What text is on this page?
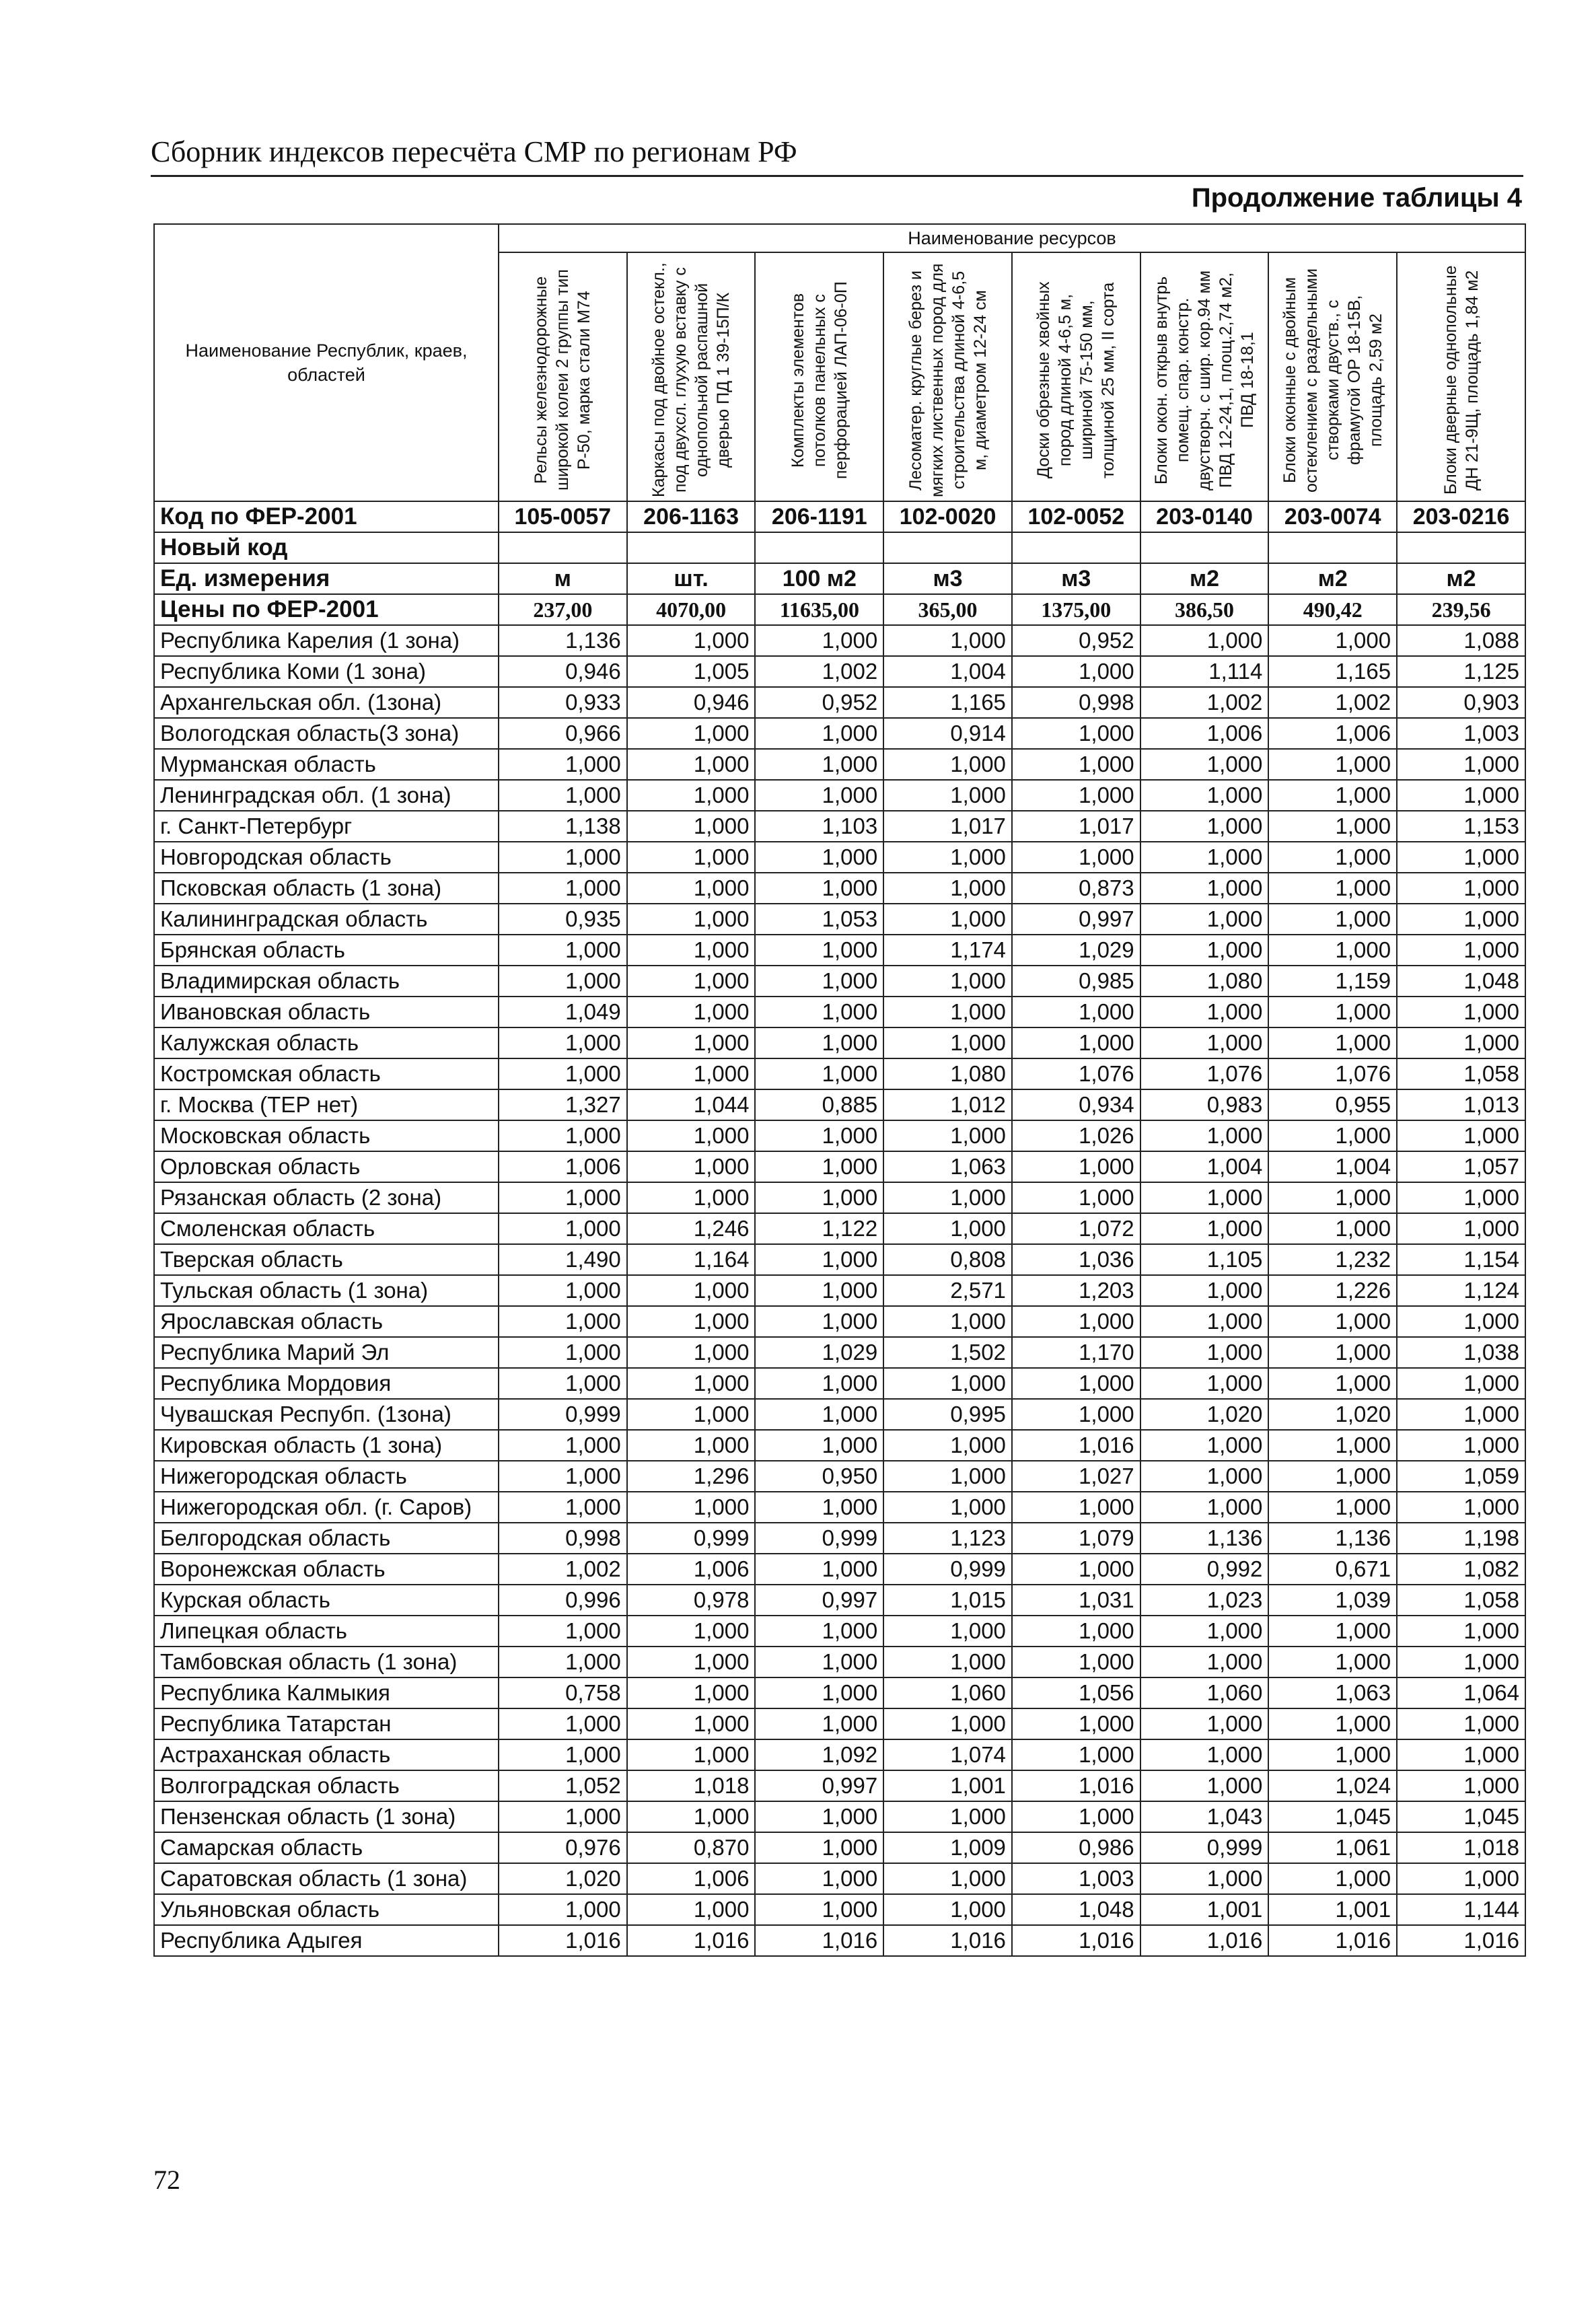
Сборник индексов пересчёта СМР по регионам РФ
Продолжение таблицы 4
Наименование Республик, краев, областей	Наименование ресурсов							

	Рельсы железнодорожные широкой колеи 2 группы тип Р-50, марка стали М74	Каркасы под двойное остекл., под двухсл. глухую вставку с однопольной распашной дверью ПД 1 39-15П/К	Комплекты элементов потолков панельных с перфорацией ЛАП-06-0П	Лесоматер. круглые берез и мягких лиственных пород для строительства длиной 4-6,5 м, диаметром 12-24 см	Доски обрезные хвойных пород длиной 4-6,5 м, шириной 75-150 мм, толщиной 25 мм, II сорта	Блоки окон. открыв внутрь помещ. спар. констр. двустворч. с шир. кор.94 мм ПВД 12-24,1, площ.2,74 м2, ПВД 18-18,1	Блоки оконные с двойным остеклением с раздельными створками двуств., с фрамугой ОР 18-15В, площадь 2,59 м2	Блоки дверные однопольные ДН 21-9Щ, площадь 1,84 м2

Код по ФЕР-2001	105-0057	206-1163	206-1191	102-0020	102-0052	203-0140	203-0074	203-0216
Новый код								
Ед. измерения	м	шт.	100 м2	м3	м3	м2	м2	м2
Цены по ФЕР-2001	237,00	4070,00	11635,00	365,00	1375,00	386,50	490,42	239,56
Республика Карелия (1 зона)	1,136	1,000	1,000	1,000	0,952	1,000	1,000	1,088
Республика Коми (1 зона)	0,946	1,005	1,002	1,004	1,000	1,114	1,165	1,125
Архангельская обл. (1зона)	0,933	0,946	0,952	1,165	0,998	1,002	1,002	0,903
Вологодская область(3 зона)	0,966	1,000	1,000	0,914	1,000	1,006	1,006	1,003
Мурманская область	1,000	1,000	1,000	1,000	1,000	1,000	1,000	1,000
Ленинградская обл. (1 зона)	1,000	1,000	1,000	1,000	1,000	1,000	1,000	1,000
г. Санкт-Петербург	1,138	1,000	1,103	1,017	1,017	1,000	1,000	1,153
Новгородская область	1,000	1,000	1,000	1,000	1,000	1,000	1,000	1,000
Псковская область (1 зона)	1,000	1,000	1,000	1,000	0,873	1,000	1,000	1,000
Калининградская область	0,935	1,000	1,053	1,000	0,997	1,000	1,000	1,000
Брянская область	1,000	1,000	1,000	1,174	1,029	1,000	1,000	1,000
Владимирская область	1,000	1,000	1,000	1,000	0,985	1,080	1,159	1,048
Ивановская область	1,049	1,000	1,000	1,000	1,000	1,000	1,000	1,000
Калужская область	1,000	1,000	1,000	1,000	1,000	1,000	1,000	1,000
Костромская область	1,000	1,000	1,000	1,080	1,076	1,076	1,076	1,058
г. Москва (ТЕР нет)	1,327	1,044	0,885	1,012	0,934	0,983	0,955	1,013
Московская область	1,000	1,000	1,000	1,000	1,026	1,000	1,000	1,000
Орловская область	1,006	1,000	1,000	1,063	1,000	1,004	1,004	1,057
Рязанская область (2 зона)	1,000	1,000	1,000	1,000	1,000	1,000	1,000	1,000
Смоленская область	1,000	1,246	1,122	1,000	1,072	1,000	1,000	1,000
Тверская область	1,490	1,164	1,000	0,808	1,036	1,105	1,232	1,154
Тульская область (1 зона)	1,000	1,000	1,000	2,571	1,203	1,000	1,226	1,124
Ярославская область	1,000	1,000	1,000	1,000	1,000	1,000	1,000	1,000
Республика Марий Эл	1,000	1,000	1,029	1,502	1,170	1,000	1,000	1,038
Республика Мордовия	1,000	1,000	1,000	1,000	1,000	1,000	1,000	1,000
Чувашская Респубп. (1зона)	0,999	1,000	1,000	0,995	1,000	1,020	1,020	1,000
Кировская область (1 зона)	1,000	1,000	1,000	1,000	1,016	1,000	1,000	1,000
Нижегородская область	1,000	1,296	0,950	1,000	1,027	1,000	1,000	1,059
Нижегородская обл. (г. Саров)	1,000	1,000	1,000	1,000	1,000	1,000	1,000	1,000
Белгородская область	0,998	0,999	0,999	1,123	1,079	1,136	1,136	1,198
Воронежская область	1,002	1,006	1,000	0,999	1,000	0,992	0,671	1,082
Курская область	0,996	0,978	0,997	1,015	1,031	1,023	1,039	1,058
Липецкая область	1,000	1,000	1,000	1,000	1,000	1,000	1,000	1,000
Тамбовская область (1 зона)	1,000	1,000	1,000	1,000	1,000	1,000	1,000	1,000
Республика Калмыкия	0,758	1,000	1,000	1,060	1,056	1,060	1,063	1,064
Республика Татарстан	1,000	1,000	1,000	1,000	1,000	1,000	1,000	1,000
Астраханская область	1,000	1,000	1,092	1,074	1,000	1,000	1,000	1,000
Волгоградская область	1,052	1,018	0,997	1,001	1,016	1,000	1,024	1,000
Пензенская область (1 зона)	1,000	1,000	1,000	1,000	1,000	1,043	1,045	1,045
Самарская область	0,976	0,870	1,000	1,009	0,986	0,999	1,061	1,018
Саратовская область (1 зона)	1,020	1,006	1,000	1,000	1,003	1,000	1,000	1,000
Ульяновская область	1,000	1,000	1,000	1,000	1,048	1,001	1,001	1,144
Республика Адыгея	1,016	1,016	1,016	1,016	1,016	1,016	1,016	1,016
72
